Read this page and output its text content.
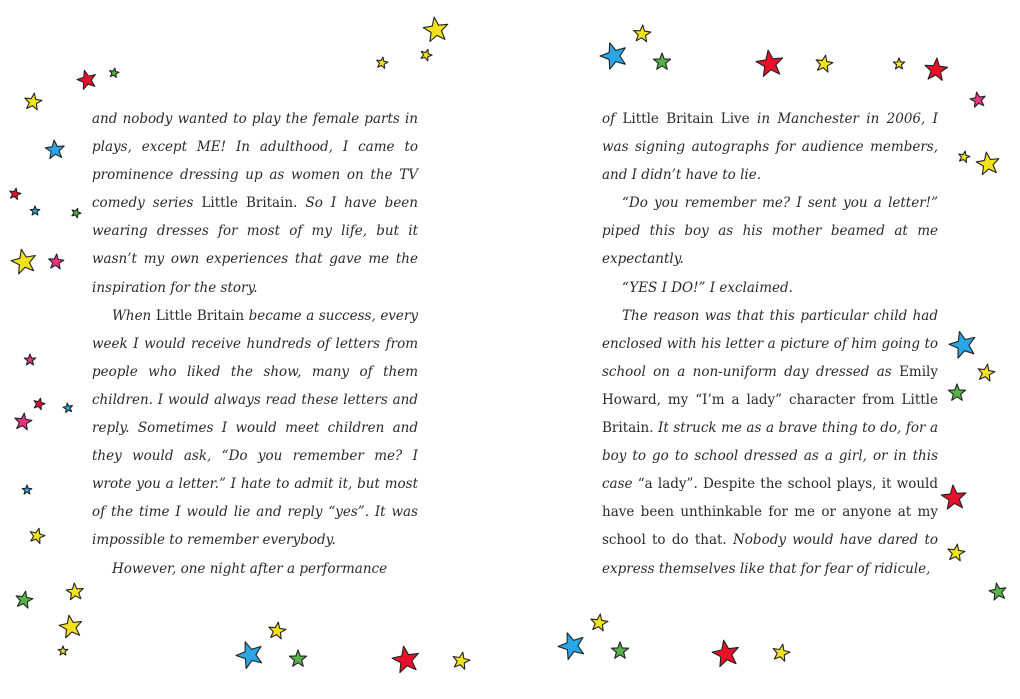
and nobody wanted to play the female parts in plays, except ME! In adulthood, I came to prominence dressing up as women on the TV comedy series Little Britain. So I have been wearing dresses for most of my life, but it wasn’t my own experiences that gave me the inspiration for the story.

When Little Britain became a success, every week I would receive hundreds of letters from people who liked the show, many of them children. I would always read these letters and reply. Sometimes I would meet children and they would ask, “Do you remember me? I wrote you a letter.” I hate to admit it, but most of the time I would lie and reply “yes”. It was impossible to remember everybody.

However, one night after a performance

of Little Britain Live in Manchester in 2006, I was signing autographs for audience members, and I didn’t have to lie.

“Do you remember me? I sent you a letter!” piped this boy as his mother beamed at me expectantly.

“YES I DO!” I exclaimed.

The reason was that this particular child had enclosed with his letter a picture of him going to school on a non-uniform day dressed as Emily Howard, my “I’m a lady” character from Little Britain. It struck me as a brave thing to do, for a boy to go to school dressed as a girl, or in this case “a lady”. Despite the school plays, it would have been unthinkable for me or anyone at my school to do that. Nobody would have dared to express themselves like that for fear of ridicule,
